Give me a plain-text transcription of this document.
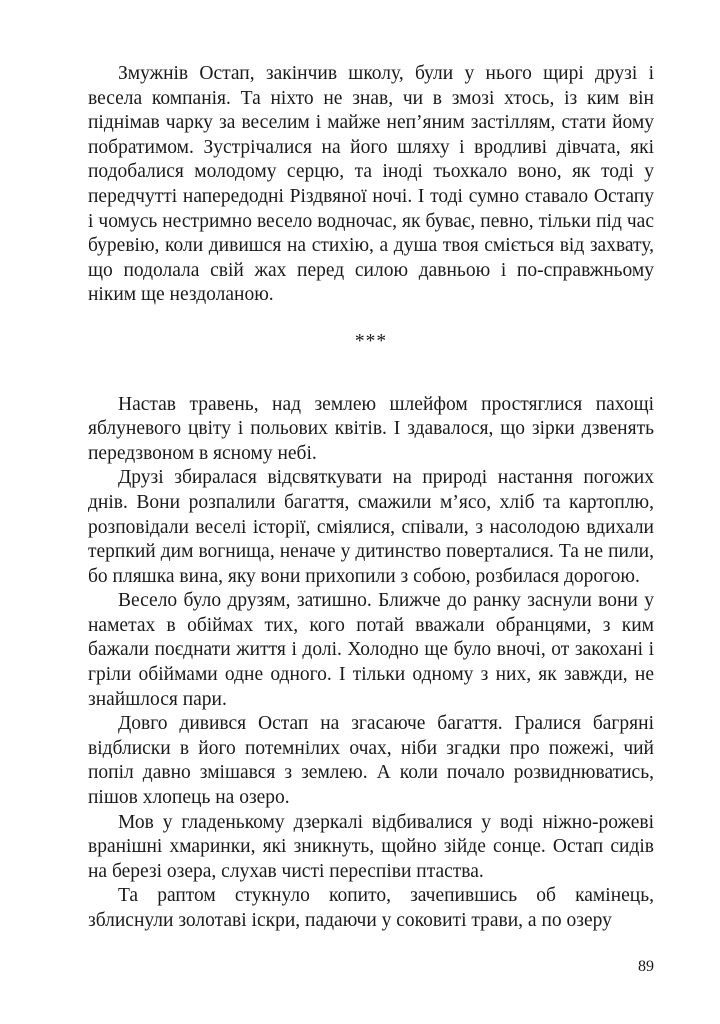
Змужнів Остап, закінчив школу, були у нього щирі друзі і весела компанія. Та ніхто не знав, чи в змозі хтось, із ким він піднімав чарку за веселим і майже неп’яним застіллям, стати йому побратимом. Зустрічалися на його шляху і вродливі дівчата, які подобалися молодому серцю, та іноді тьохкало воно, як тоді у передчутті напередодні Різдвяної ночі. І тоді сумно ставало Остапу і чомусь нестримно весело водночас, як буває, певно, тільки під час буревію, коли дивишся на стихію, а душа твоя сміється від захвату, що подолала свій жах перед силою давньою і по-справжньому ніким ще нездоланою.

***

Настав травень, над землею шлейфом простяглися пахощі яблуневого цвіту і польових квітів. І здавалося, що зірки дзвенять передзвоном в ясному небі.

Друзі збиралася відсвяткувати на природі настання погожих днів. Вони розпалили багаття, смажили м’ясо, хліб та картоплю, розповідали веселі історії, сміялися, співали, з насолодою вдихали терпкий дим вогнища, неначе у дитинство поверталися. Та не пили, бо пляшка вина, яку вони прихопили з собою, розбилася дорогою.

Весело було друзям, затишно. Ближче до ранку заснули вони у наметах в обіймах тих, кого потай вважали обранцями, з ким бажали поєднати життя і долі. Холодно ще було вночі, от закохані і гріли обіймами одне одного. І тільки одному з них, як завжди, не знайшлося пари.

Довго дивився Остап на згасаюче багаття. Гралися багряні відблиски в його потемнілих очах, ніби згадки про пожежі, чий попіл давно змішався з землею. А коли почало розвиднюватись, пішов хлопець на озеро.

Мов у гладенькому дзеркалі відбивалися у воді ніжно-рожеві вранішні хмаринки, які зникнуть, щойно зійде сонце. Остап сидів на березі озера, слухав чисті переспіви птаства.

Та раптом стукнуло копито, зачепившись об камінець, зблиснули золотаві іскри, падаючи у соковиті трави, а по озеру

89
